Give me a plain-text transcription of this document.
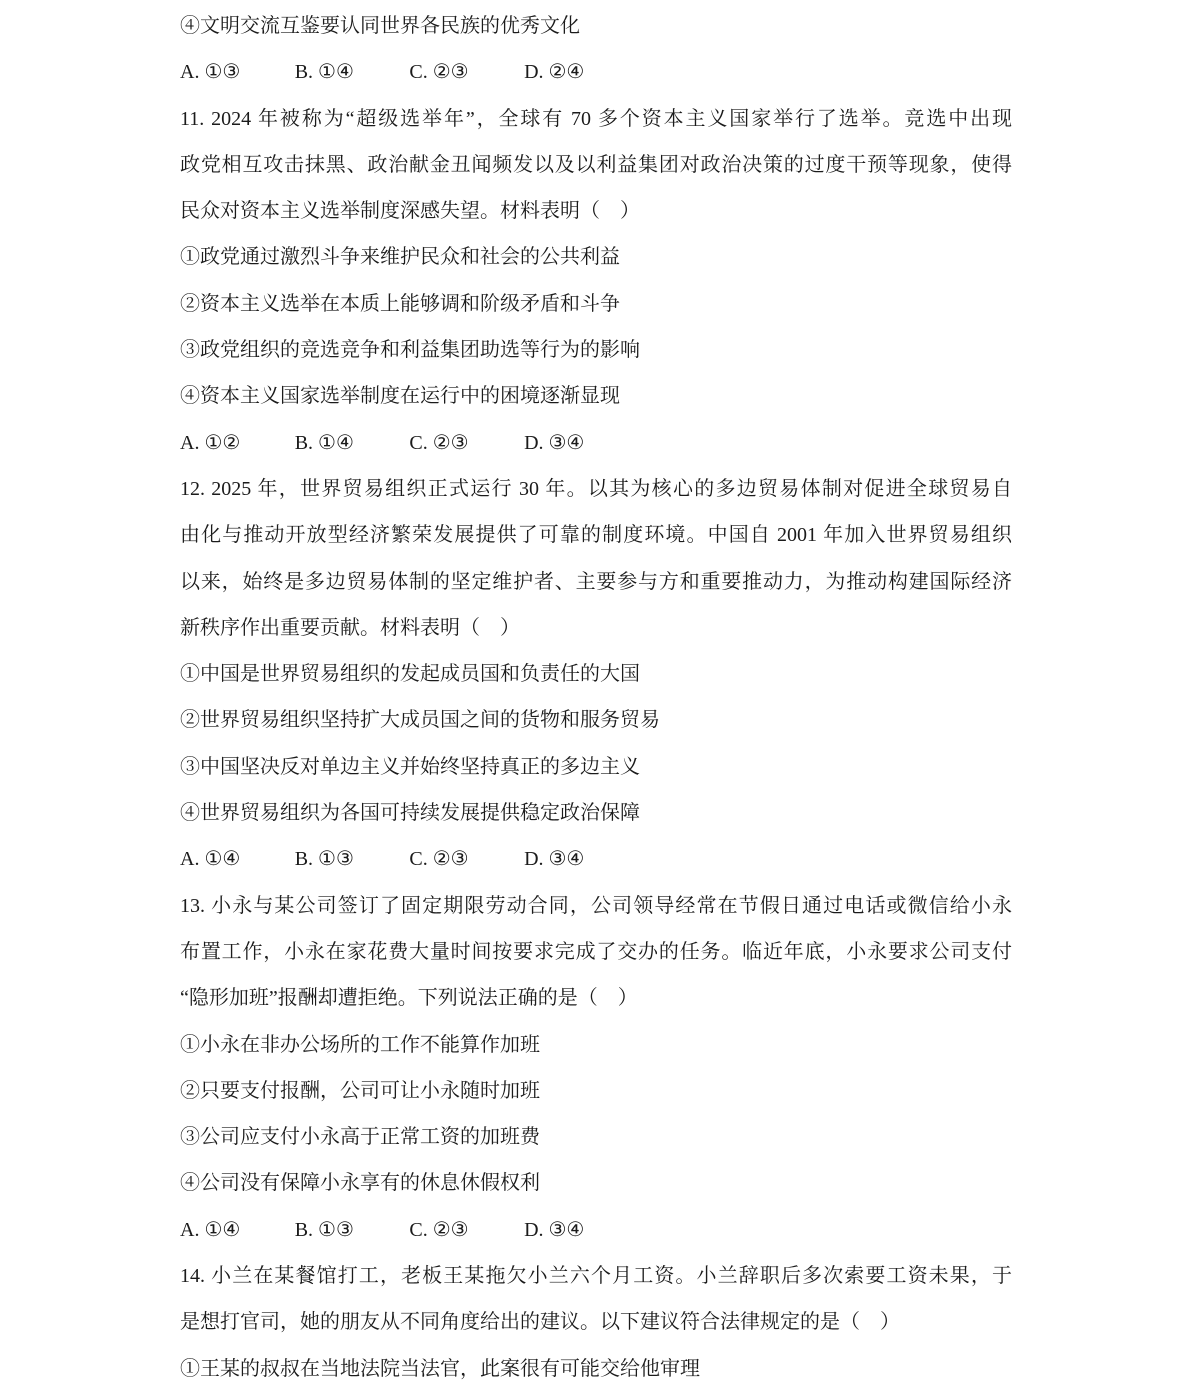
④文明交流互鉴要认同世界各民族的优秀文化
A. ①③	B. ①④	C. ②③	D. ②④
11. 2024 年被称为“超级选举年”，全球有 70 多个资本主义国家举行了选举。竞选中出现
政党相互攻击抹黑、政治献金丑闻频发以及以利益集团对政治决策的过度干预等现象，使得
民众对资本主义选举制度深感失望。材料表明（　）
①政党通过激烈斗争来维护民众和社会的公共利益
②资本主义选举在本质上能够调和阶级矛盾和斗争
③政党组织的竞选竞争和利益集团助选等行为的影响
④资本主义国家选举制度在运行中的困境逐渐显现
A. ①②	B. ①④	C. ②③	D. ③④
12. 2025 年，世界贸易组织正式运行 30 年。以其为核心的多边贸易体制对促进全球贸易自
由化与推动开放型经济繁荣发展提供了可靠的制度环境。中国自 2001 年加入世界贸易组织
以来，始终是多边贸易体制的坚定维护者、主要参与方和重要推动力，为推动构建国际经济
新秩序作出重要贡献。材料表明（　）
①中国是世界贸易组织的发起成员国和负责任的大国
②世界贸易组织坚持扩大成员国之间的货物和服务贸易
③中国坚决反对单边主义并始终坚持真正的多边主义
④世界贸易组织为各国可持续发展提供稳定政治保障
A. ①④	B. ①③	C. ②③	D. ③④
13. 小永与某公司签订了固定期限劳动合同，公司领导经常在节假日通过电话或微信给小永
布置工作，小永在家花费大量时间按要求完成了交办的任务。临近年底，小永要求公司支付
“隐形加班”报酬却遭拒绝。下列说法正确的是（　）
①小永在非办公场所的工作不能算作加班
②只要支付报酬，公司可让小永随时加班
③公司应支付小永高于正常工资的加班费
④公司没有保障小永享有的休息休假权利
A. ①④	B. ①③	C. ②③	D. ③④
14. 小兰在某餐馆打工，老板王某拖欠小兰六个月工资。小兰辞职后多次索要工资未果，于
是想打官司，她的朋友从不同角度给出的建议。以下建议符合法律规定的是（　）
①王某的叔叔在当地法院当法官，此案很有可能交给他审理
